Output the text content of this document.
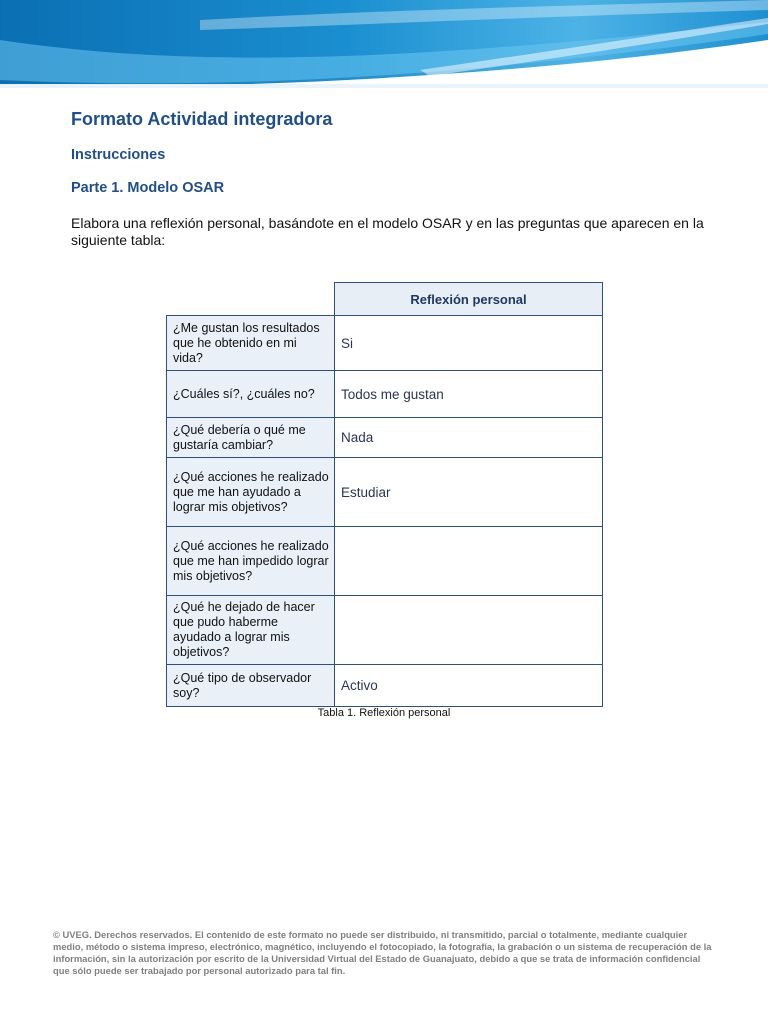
Formato Actividad integradora
Instrucciones
Parte 1. Modelo OSAR
Elabora una reflexión personal, basándote en el modelo OSAR y en las preguntas que aparecen en la siguiente tabla:
	Reflexión personal
¿Me gustan los resultados que he obtenido en mi vida?	Si
¿Cuáles sí?, ¿cuáles no?	Todos me gustan
¿Qué debería o qué me gustaría cambiar?	Nada
¿Qué acciones he realizado que me han ayudado a lograr mis objetivos?	Estudiar
¿Qué acciones he realizado que me han impedido lograr mis objetivos?	
¿Qué he dejado de hacer que pudo haberme ayudado a lograr mis objetivos?	
¿Qué tipo de observador soy?	Activo
Tabla 1. Reflexión personal
© UVEG. Derechos reservados. El contenido de este formato no puede ser distribuido, ni transmitido, parcial o totalmente, mediante cualquier medio, método o sistema impreso, electrónico, magnético, incluyendo el fotocopiado, la fotografía, la grabación o un sistema de recuperación de la información, sin la autorización por escrito de la Universidad Virtual del Estado de Guanajuato, debido a que se trata de información confidencial que sólo puede ser trabajado por personal autorizado para tal fin.
